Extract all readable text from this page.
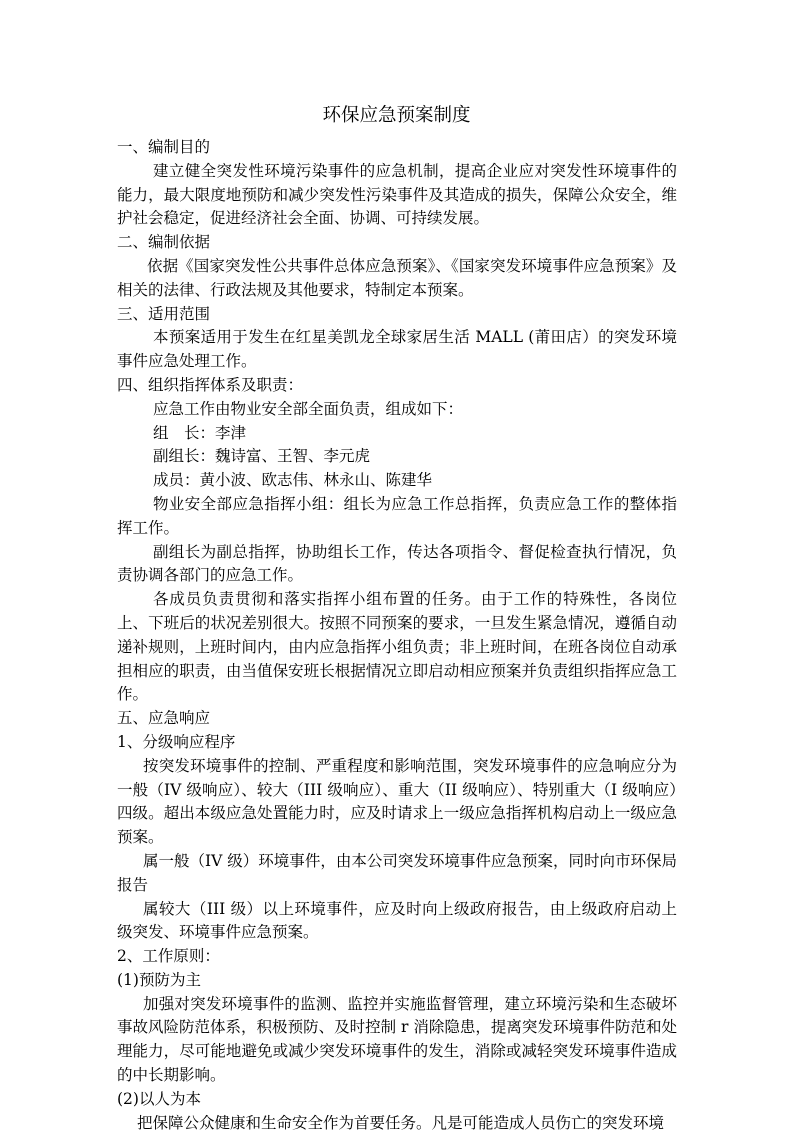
环保应急预案制度

一、编制目的

建立健全突发性环境污染事件的应急机制，提高企业应对突发性环境事件的能力，最大限度地预防和减少突发性污染事件及其造成的损失，保障公众安全，维护社会稳定，促进经济社会全面、协调、可持续发展。

二、编制依据

依据《国家突发性公共事件总体应急预案》、《国家突发环境事件应急预案》及相关的法律、行政法规及其他要求，特制定本预案。

三、适用范围

本预案适用于发生在红星美凯龙全球家居生活 MALL (莆田店）的突发环境事件应急处理工作。

四、组织指挥体系及职责：

应急工作由物业安全部全面负责，组成如下：

组　长：李津

副组长：魏诗富、王智、李元虎

成员：黄小波、欧志伟、林永山、陈建华

物业安全部应急指挥小组：组长为应急工作总指挥，负责应急工作的整体指挥工作。

副组长为副总指挥，协助组长工作，传达各项指令、督促检查执行情况，负责协调各部门的应急工作。

各成员负责贯彻和落实指挥小组布置的任务。由于工作的特殊性，各岗位上、下班后的状况差别很大。按照不同预案的要求，一旦发生紧急情况，遵循自动递补规则，上班时间内，由内应急指挥小组负责；非上班时间，在班各岗位自动承担相应的职责，由当值保安班长根据情况立即启动相应预案并负责组织指挥应急工作。

五、应急响应

1、分级响应程序

按突发环境事件的控制、严重程度和影响范围，突发环境事件的应急响应分为一般（IV 级响应）、较大（III 级响应）、重大（II 级响应）、特别重大（I 级响应）四级。超出本级应急处置能力时，应及时请求上一级应急指挥机构启动上一级应急预案。

属一般（IV 级）环境事件，由本公司突发环境事件应急预案，同时向市环保局报告

属较大（III 级）以上环境事件，应及时向上级政府报告，由上级政府启动上级突发、环境事件应急预案。

2、工作原则：

(1)预防为主

加强对突发环境事件的监测、监控并实施监督管理，建立环境污染和生态破坏事故风险防范体系，积极预防、及时控制 r 消除隐患，提离突发环境事件防范和处理能力，尽可能地避免或减少突发环境事件的发生，消除或减轻突发环境事件造成的中长期影响。

(2)以人为本

把保障公众健康和生命安全作为首要任务。凡是可能造成人员伤亡的突发环境
